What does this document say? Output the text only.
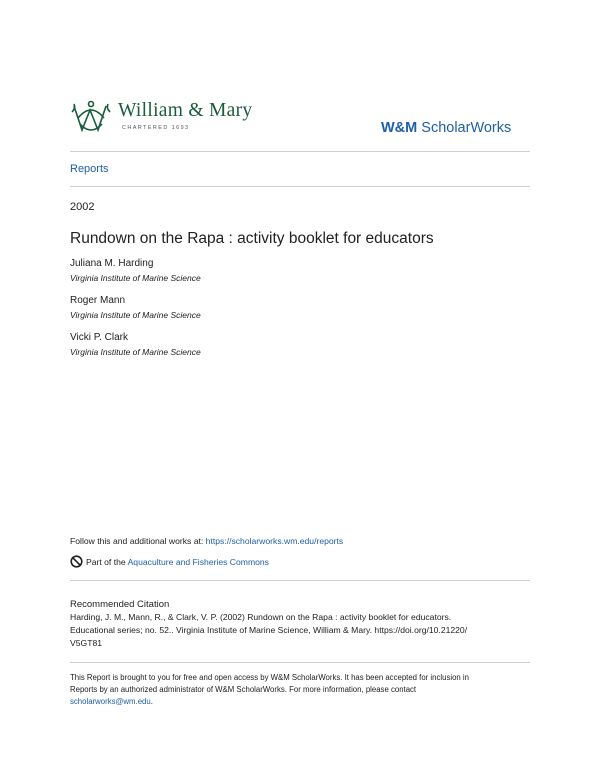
William & Mary
CHARTERED 1693	W&M ScholarWorks
Reports
2002
Rundown on the Rapa : activity booklet for educators
Juliana M. Harding
Virginia Institute of Marine Science
Roger Mann
Virginia Institute of Marine Science
Vicki P. Clark
Virginia Institute of Marine Science
Follow this and additional works at: https://scholarworks.wm.edu/reports
Part of the Aquaculture and Fisheries Commons
Recommended Citation
Harding, J. M., Mann, R., & Clark, V. P. (2002) Rundown on the Rapa : activity booklet for educators.
Educational series; no. 52.. Virginia Institute of Marine Science, William & Mary. https://doi.org/10.21220/
V5GT81
This Report is brought to you for free and open access by W&M ScholarWorks. It has been accepted for inclusion in
Reports by an authorized administrator of W&M ScholarWorks. For more information, please contact
scholarworks@wm.edu.
